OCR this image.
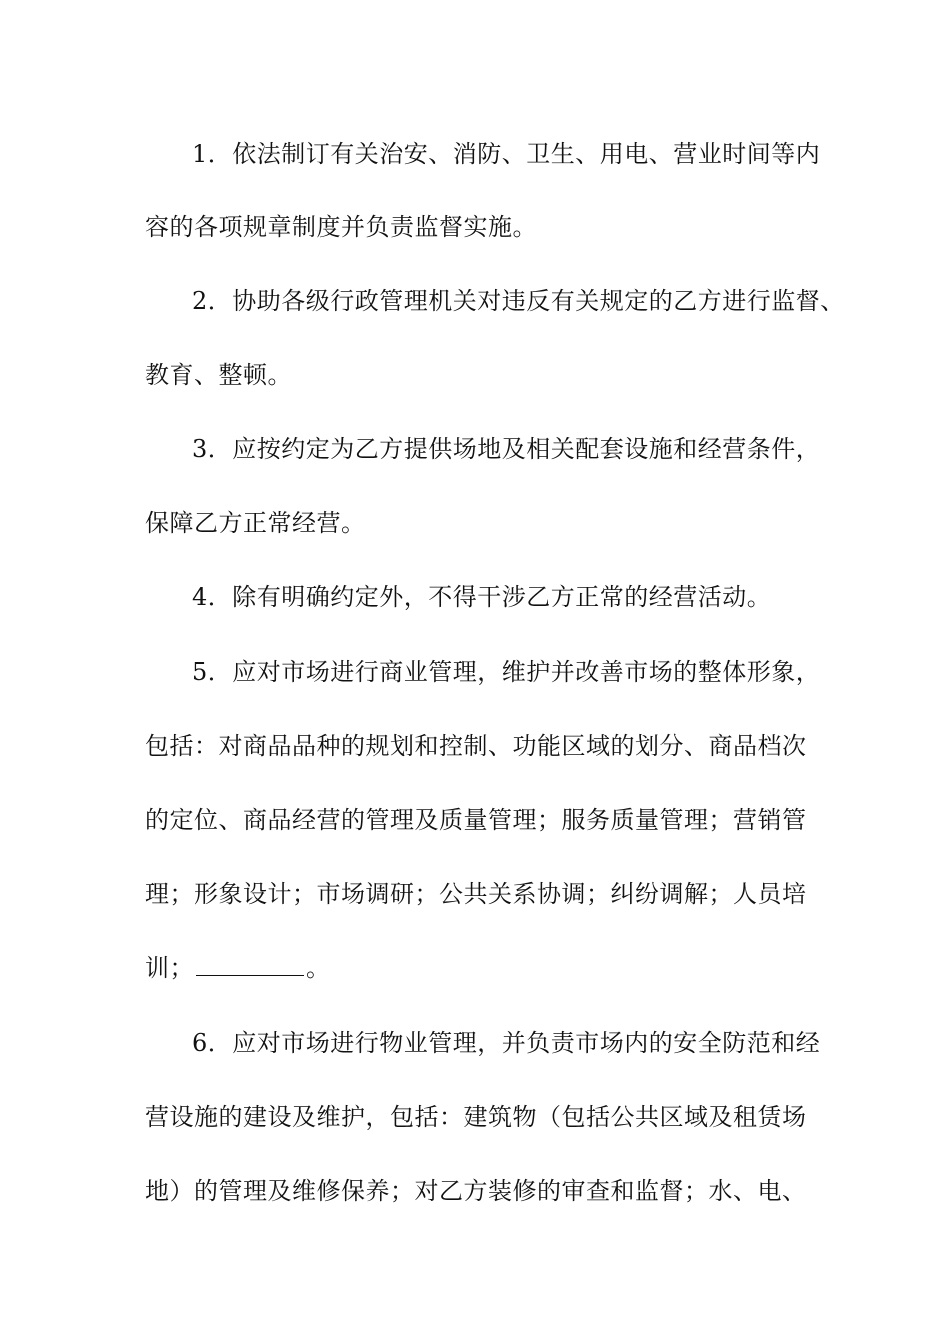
1．依法制订有关治安、消防、卫生、用电、营业时间等内
容的各项规章制度并负责监督实施。
2．协助各级行政管理机关对违反有关规定的乙方进行监督、
教育、整顿。
3．应按约定为乙方提供场地及相关配套设施和经营条件，
保障乙方正常经营。
4．除有明确约定外，不得干涉乙方正常的经营活动。
5．应对市场进行商业管理，维护并改善市场的整体形象，
包括：对商品品种的规划和控制、功能区域的划分、商品档次
的定位、商品经营的管理及质量管理；服务质量管理；营销管
理；形象设计；市场调研；公共关系协调；纠纷调解；人员培
训；	。
6．应对市场进行物业管理，并负责市场内的安全防范和经
营设施的建设及维护，包括：建筑物（包括公共区域及租赁场
地）的管理及维修保养；对乙方装修的审查和监督；水、电、
